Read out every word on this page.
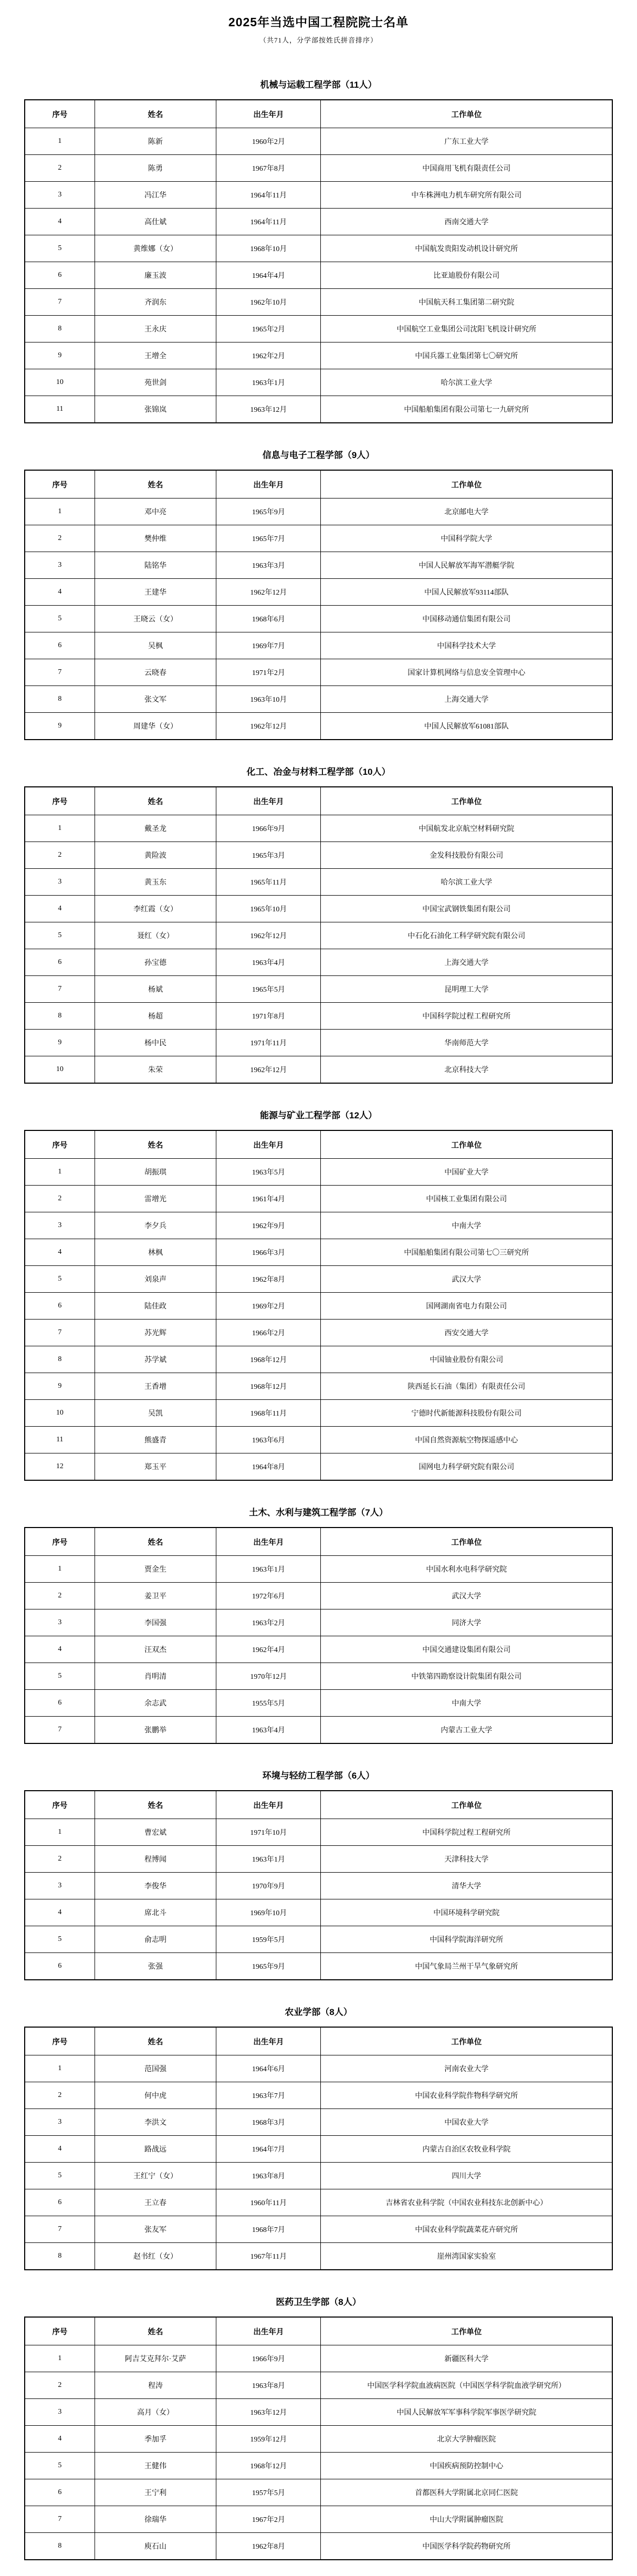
2025年当选中国工程院院士名单
（共71人，分学部按姓氏拼音排序）
机械与运载工程学部（11人）
序号	姓名	出生年月	工作单位
1	陈新	1960年2月	广东工业大学
2	陈勇	1967年8月	中国商用飞机有限责任公司
3	冯江华	1964年11月	中车株洲电力机车研究所有限公司
4	高仕斌	1964年11月	西南交通大学
5	黄维娜（女）	1968年10月	中国航发贵阳发动机设计研究所
6	廉玉波	1964年4月	比亚迪股份有限公司
7	齐润东	1962年10月	中国航天科工集团第二研究院
8	王永庆	1965年2月	中国航空工业集团公司沈阳飞机设计研究所
9	王增全	1962年2月	中国兵器工业集团第七〇研究所
10	苑世剑	1963年1月	哈尔滨工业大学
11	张锦岚	1963年12月	中国船舶集团有限公司第七一九研究所
信息与电子工程学部（9人）
序号	姓名	出生年月	工作单位
1	邓中亮	1965年9月	北京邮电大学
2	樊仲维	1965年7月	中国科学院大学
3	陆铭华	1963年3月	中国人民解放军海军潜艇学院
4	王建华	1962年12月	中国人民解放军93114部队
5	王晓云（女）	1968年6月	中国移动通信集团有限公司
6	吴枫	1969年7月	中国科学技术大学
7	云晓春	1971年2月	国家计算机网络与信息安全管理中心
8	张文军	1963年10月	上海交通大学
9	周建华（女）	1962年12月	中国人民解放军61081部队
化工、冶金与材料工程学部（10人）
序号	姓名	出生年月	工作单位
1	戴圣龙	1966年9月	中国航发北京航空材料研究院
2	黄险波	1965年3月	金发科技股份有限公司
3	黄玉东	1965年11月	哈尔滨工业大学
4	李红霞（女）	1965年10月	中国宝武钢铁集团有限公司
5	聂红（女）	1962年12月	中石化石油化工科学研究院有限公司
6	孙宝德	1963年4月	上海交通大学
7	杨斌	1965年5月	昆明理工大学
8	杨超	1971年8月	中国科学院过程工程研究所
9	杨中民	1971年11月	华南师范大学
10	朱荣	1962年12月	北京科技大学
能源与矿业工程学部（12人）
序号	姓名	出生年月	工作单位
1	胡振琪	1963年5月	中国矿业大学
2	雷增光	1961年4月	中国核工业集团有限公司
3	李夕兵	1962年9月	中南大学
4	林枫	1966年3月	中国船舶集团有限公司第七〇三研究所
5	刘泉声	1962年8月	武汉大学
6	陆佳政	1969年2月	国网湖南省电力有限公司
7	苏光辉	1966年2月	西安交通大学
8	苏学斌	1968年12月	中国铀业股份有限公司
9	王香增	1968年12月	陕西延长石油（集团）有限责任公司
10	吴凯	1968年11月	宁德时代新能源科技股份有限公司
11	熊盛青	1963年6月	中国自然资源航空物探遥感中心
12	郑玉平	1964年8月	国网电力科学研究院有限公司
土木、水利与建筑工程学部（7人）
序号	姓名	出生年月	工作单位
1	贾金生	1963年1月	中国水利水电科学研究院
2	姜卫平	1972年6月	武汉大学
3	李国强	1963年2月	同济大学
4	汪双杰	1962年4月	中国交通建设集团有限公司
5	肖明清	1970年12月	中铁第四勘察设计院集团有限公司
6	余志武	1955年5月	中南大学
7	张鹏举	1963年4月	内蒙古工业大学
环境与轻纺工程学部（6人）
序号	姓名	出生年月	工作单位
1	曹宏斌	1971年10月	中国科学院过程工程研究所
2	程博闻	1963年1月	天津科技大学
3	李俊华	1970年9月	清华大学
4	席北斗	1969年10月	中国环境科学研究院
5	俞志明	1959年5月	中国科学院海洋研究所
6	张强	1965年9月	中国气象局兰州干旱气象研究所
农业学部（8人）
序号	姓名	出生年月	工作单位
1	范国强	1964年6月	河南农业大学
2	何中虎	1963年7月	中国农业科学院作物科学研究所
3	李洪文	1968年3月	中国农业大学
4	路战远	1964年7月	内蒙古自治区农牧业科学院
5	王红宁（女）	1963年8月	四川大学
6	王立春	1960年11月	吉林省农业科学院（中国农业科技东北创新中心）
7	张友军	1968年7月	中国农业科学院蔬菜花卉研究所
8	赵书红（女）	1967年11月	崖州湾国家实验室
医药卫生学部（8人）
序号	姓名	出生年月	工作单位
1	阿吉艾克拜尔·艾萨	1966年9月	新疆医科大学
2	程涛	1963年8月	中国医学科学院血液病医院（中国医学科学院血液学研究所）
3	高月（女）	1963年12月	中国人民解放军军事科学院军事医学研究院
4	季加孚	1959年12月	北京大学肿瘤医院
5	王健伟	1968年12月	中国疾病预防控制中心
6	王宁利	1957年5月	首都医科大学附属北京同仁医院
7	徐瑞华	1967年2月	中山大学附属肿瘤医院
8	庾石山	1962年8月	中国医学科学院药物研究所
